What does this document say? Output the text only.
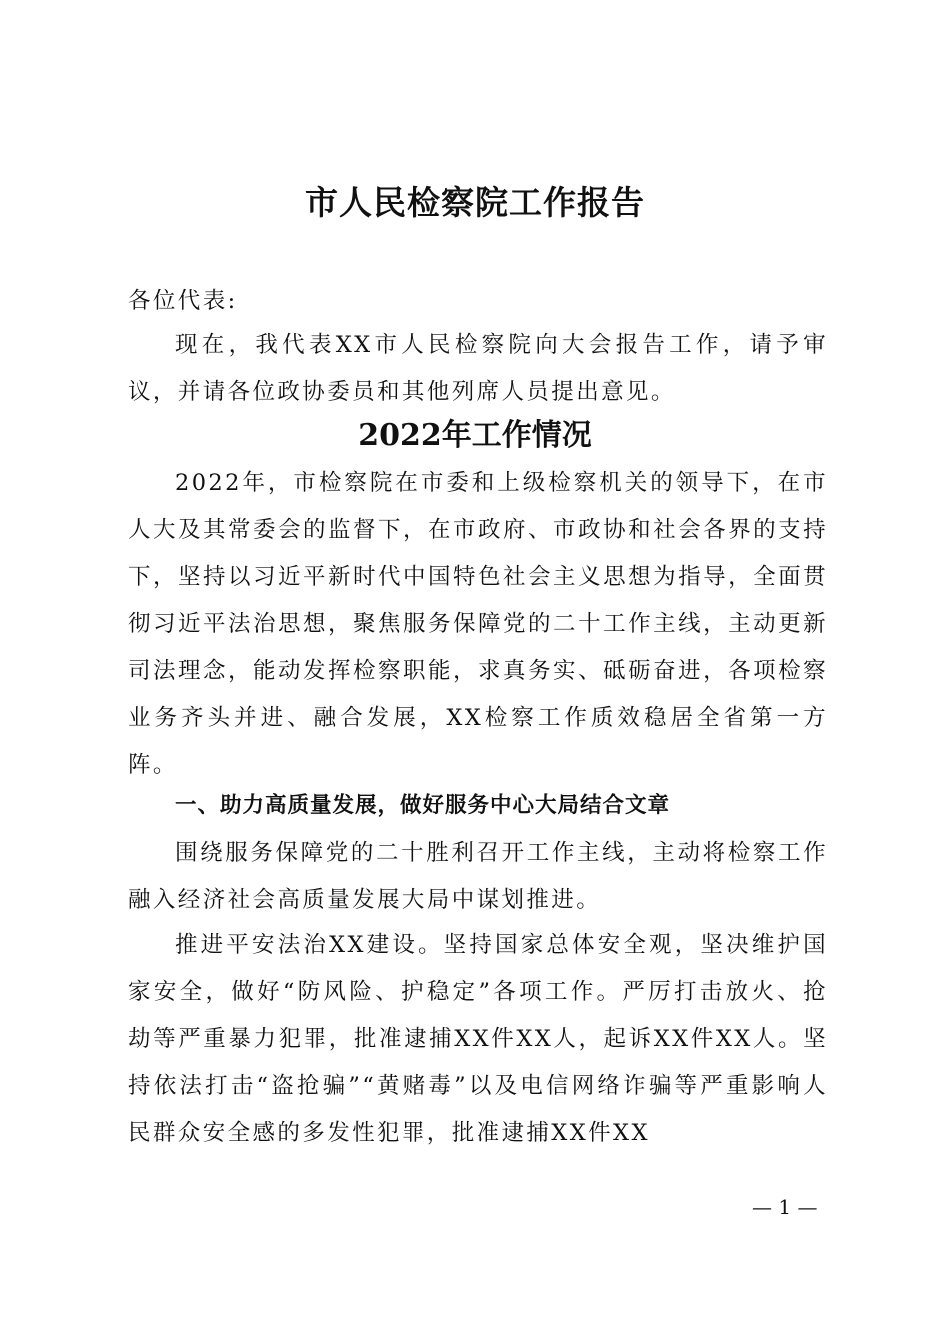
市人民检察院工作报告
各位代表:
现在，我代表XX市人民检察院向大会报告工作，请予审议，并请各位政协委员和其他列席人员提出意见。
2022年工作情况
2022年，市检察院在市委和上级检察机关的领导下，在市人大及其常委会的监督下，在市政府、市政协和社会各界的支持下，坚持以习近平新时代中国特色社会主义思想为指导，全面贯彻习近平法治思想，聚焦服务保障党的二十工作主线，主动更新司法理念，能动发挥检察职能，求真务实、砥砺奋进，各项检察业务齐头并进、融合发展，XX检察工作质效稳居全省第一方阵。
一、助力高质量发展，做好服务中心大局结合文章
围绕服务保障党的二十胜利召开工作主线，主动将检察工作融入经济社会高质量发展大局中谋划推进。
推进平安法治XX建设。坚持国家总体安全观，坚决维护国家安全，做好“防风险、护稳定”各项工作。严厉打击放火、抢劫等严重暴力犯罪，批准逮捕XX件XX人，起诉XX件XX人。坚持依法打击“盗抢骗”“黄赌毒”以及电信网络诈骗等严重影响人民群众安全感的多发性犯罪，批准逮捕XX件XX
— 1 —
